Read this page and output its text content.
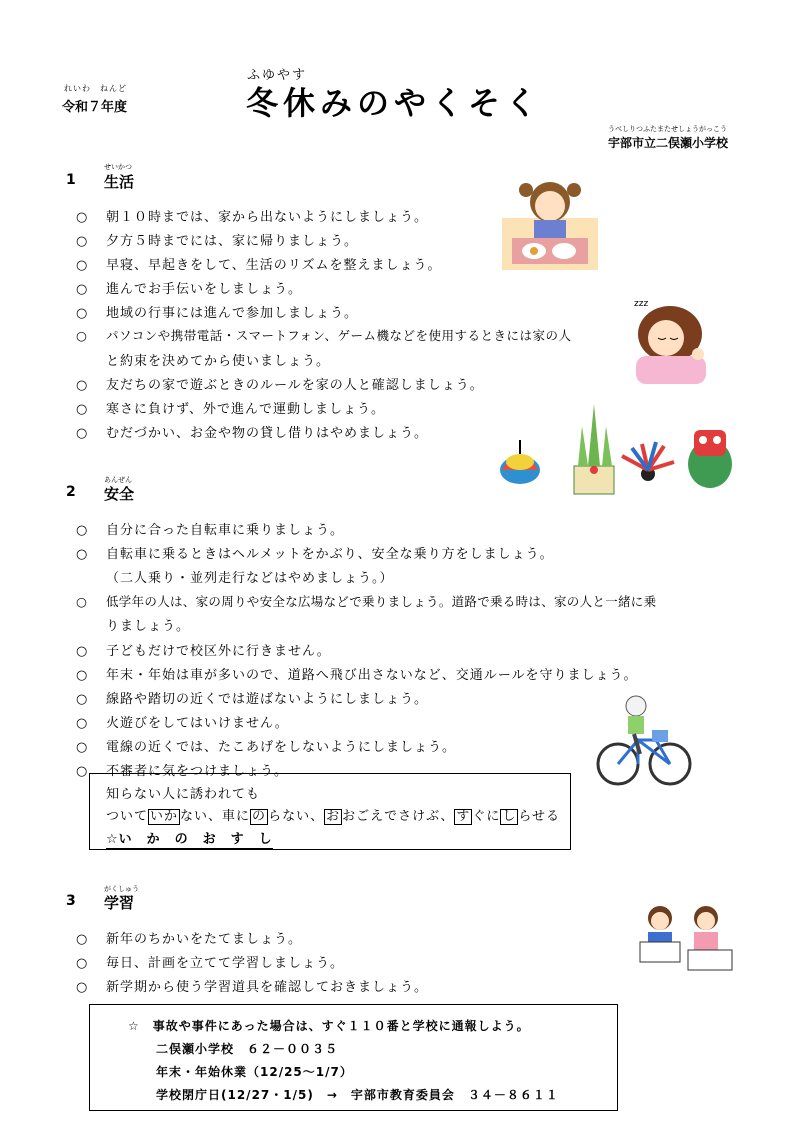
れいわ　ねんど
令和７年度
ふゆやす
冬休みのやくそく
うべしりつふたまたせしょうがっこう
宇部市立二俣瀬小学校
1
せいかつ
生活
○ 朝１０時までは、家から出ないようにしましょう。
○ 夕方５時までには、家に帰りましょう。
○ 早寝、早起きをして、生活のリズムを整えましょう。
○ 進んでお手伝いをしましょう。
○ 地域の行事には進んで参加しましょう。
○ パソコンや携帯電話・スマートフォン、ゲーム機などを使用するときには家の人
と約束を決めてから使いましょう。
○ 友だちの家で遊ぶときのルールを家の人と確認しましょう。
○ 寒さに負けず、外で進んで運動しましょう。
○ むだづかい、お金や物の貸し借りはやめましょう。
zzz
2
あんぜん
安全
○ 自分に合った自転車に乗りましょう。
○ 自転車に乗るときはヘルメットをかぶり、安全な乗り方をしましょう。
（二人乗り・並列走行などはやめましょう。）
○ 低学年の人は、家の周りや安全な広場などで乗りましょう。道路で乗る時は、家の人と一緒に乗
りましょう。
○ 子どもだけで校区外に行きません。
○ 年末・年始は車が多いので、道路へ飛び出さないなど、交通ルールを守りましょう。
○ 線路や踏切の近くでは遊ばないようにしましょう。
○ 火遊びをしてはいけません。
○ 電線の近くでは、たこあげをしないようにしましょう。
○ 不審者に気をつけましょう。
知らない人に誘われても
ついて いか ない、車に の らない、 お おごえでさけぶ、 す ぐに し らせる
☆い　か　の　お　す　し
3
がくしゅう
学習
○ 新年のちかいをたてましょう。
○ 毎日、計画を立てて学習しましょう。
○ 新学期から使う学習道具を確認しておきましょう。
☆　事故や事件にあった場合は、すぐ１１０番と学校に通報しよう。
二俣瀬小学校　６２－００３５
年末・年始休業（12/25～1/7）
学校閉庁日(12/27・1/5)　→　宇部市教育委員会　３４－８６１１
